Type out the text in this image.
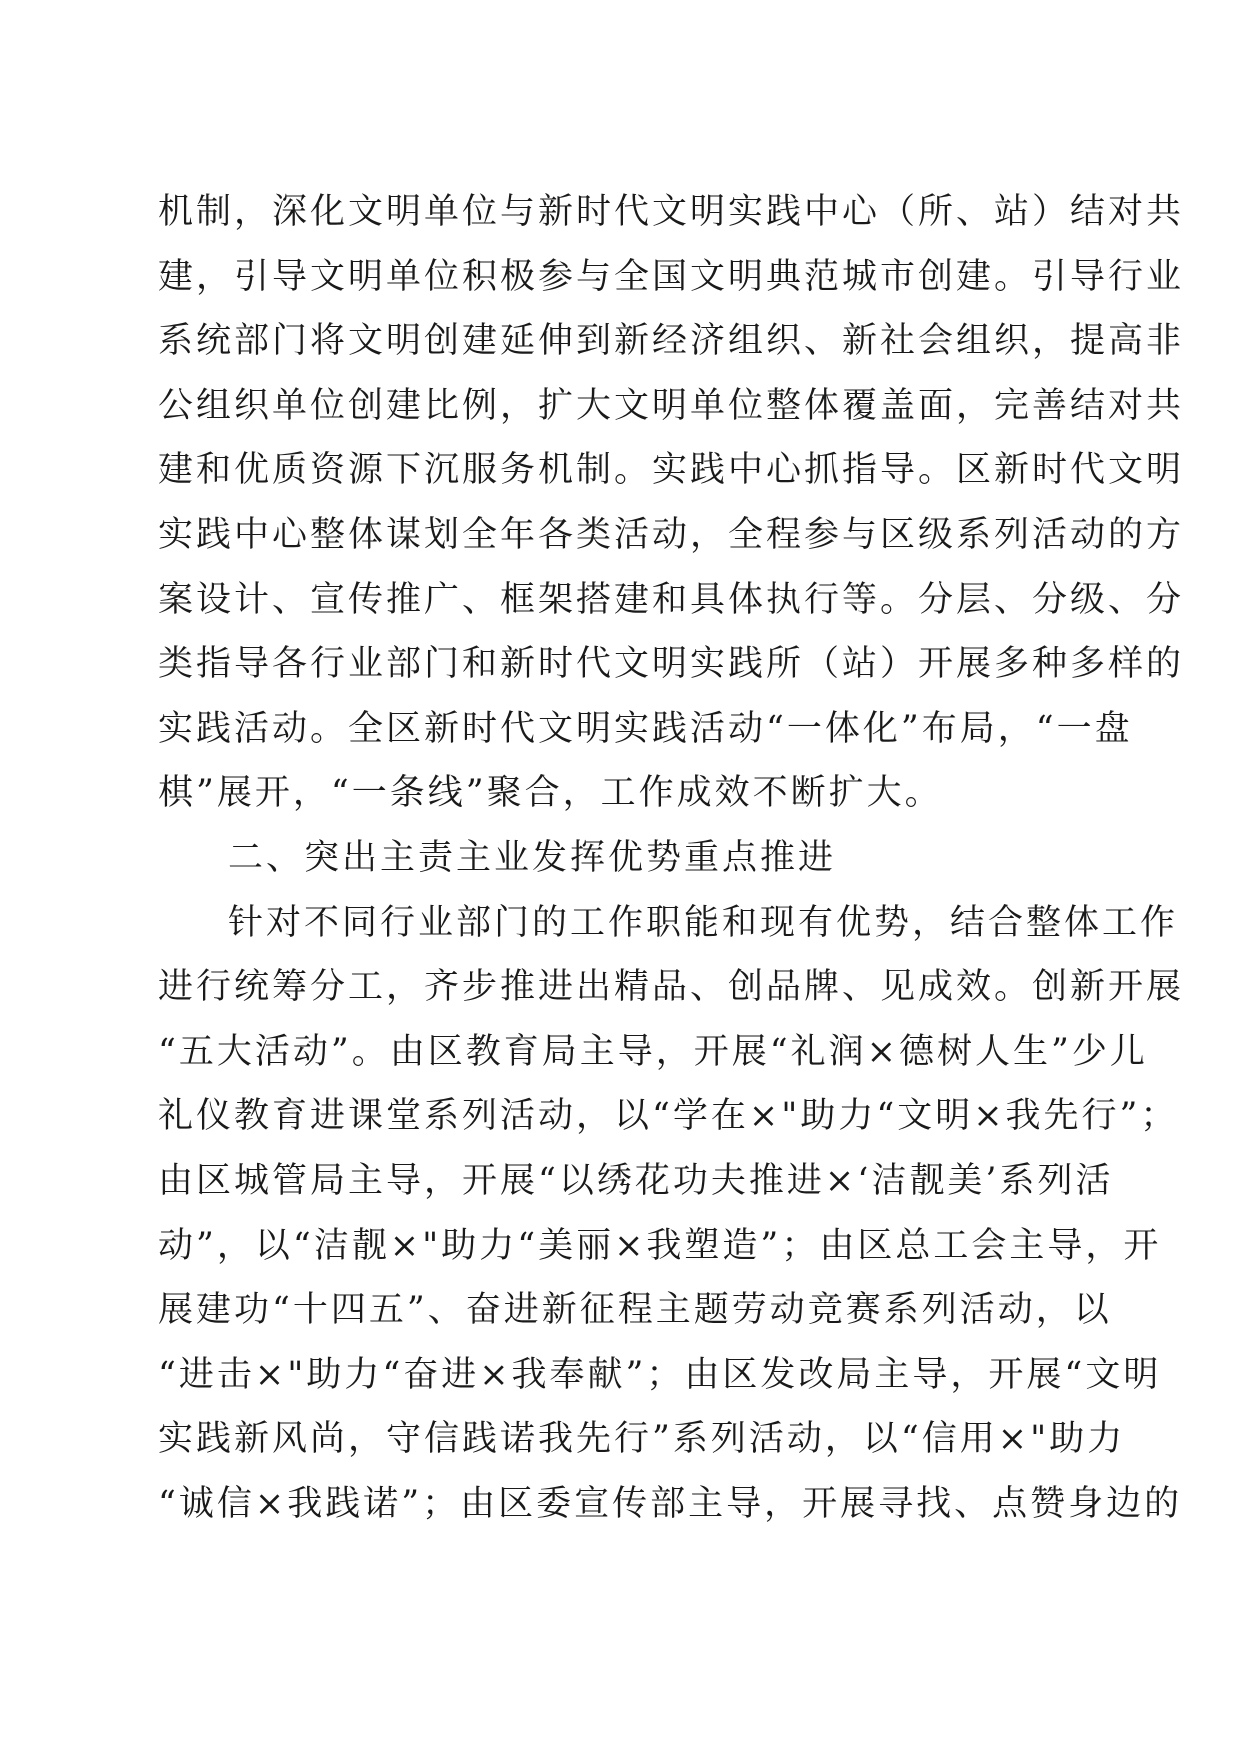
机制，深化文明单位与新时代文明实践中心（所、站）结对共
建，引导文明单位积极参与全国文明典范城市创建。引导行业
系统部门将文明创建延伸到新经济组织、新社会组织，提高非
公组织单位创建比例，扩大文明单位整体覆盖面，完善结对共
建和优质资源下沉服务机制。实践中心抓指导。区新时代文明
实践中心整体谋划全年各类活动，全程参与区级系列活动的方
案设计、宣传推广、框架搭建和具体执行等。分层、分级、分
类指导各行业部门和新时代文明实践所（站）开展多种多样的
实践活动。全区新时代文明实践活动“一体化”布局，“一盘
棋”展开，“一条线”聚合，工作成效不断扩大。

二、突出主责主业发挥优势重点推进

针对不同行业部门的工作职能和现有优势，结合整体工作
进行统筹分工，齐步推进出精品、创品牌、见成效。创新开展
“五大活动”。由区教育局主导，开展“礼润×德树人生”少儿
礼仪教育进课堂系列活动，以“学在×"助力“文明×我先行”；
由区城管局主导，开展“以绣花功夫推进×‘洁靓美’系列活
动”，以“洁靓×"助力“美丽×我塑造”；由区总工会主导，开
展建功“十四五”、奋进新征程主题劳动竞赛系列活动，以
“进击×"助力“奋进×我奉献”；由区发改局主导，开展“文明
实践新风尚，守信践诺我先行”系列活动，以“信用×"助力
“诚信×我践诺”；由区委宣传部主导，开展寻找、点赞身边的
